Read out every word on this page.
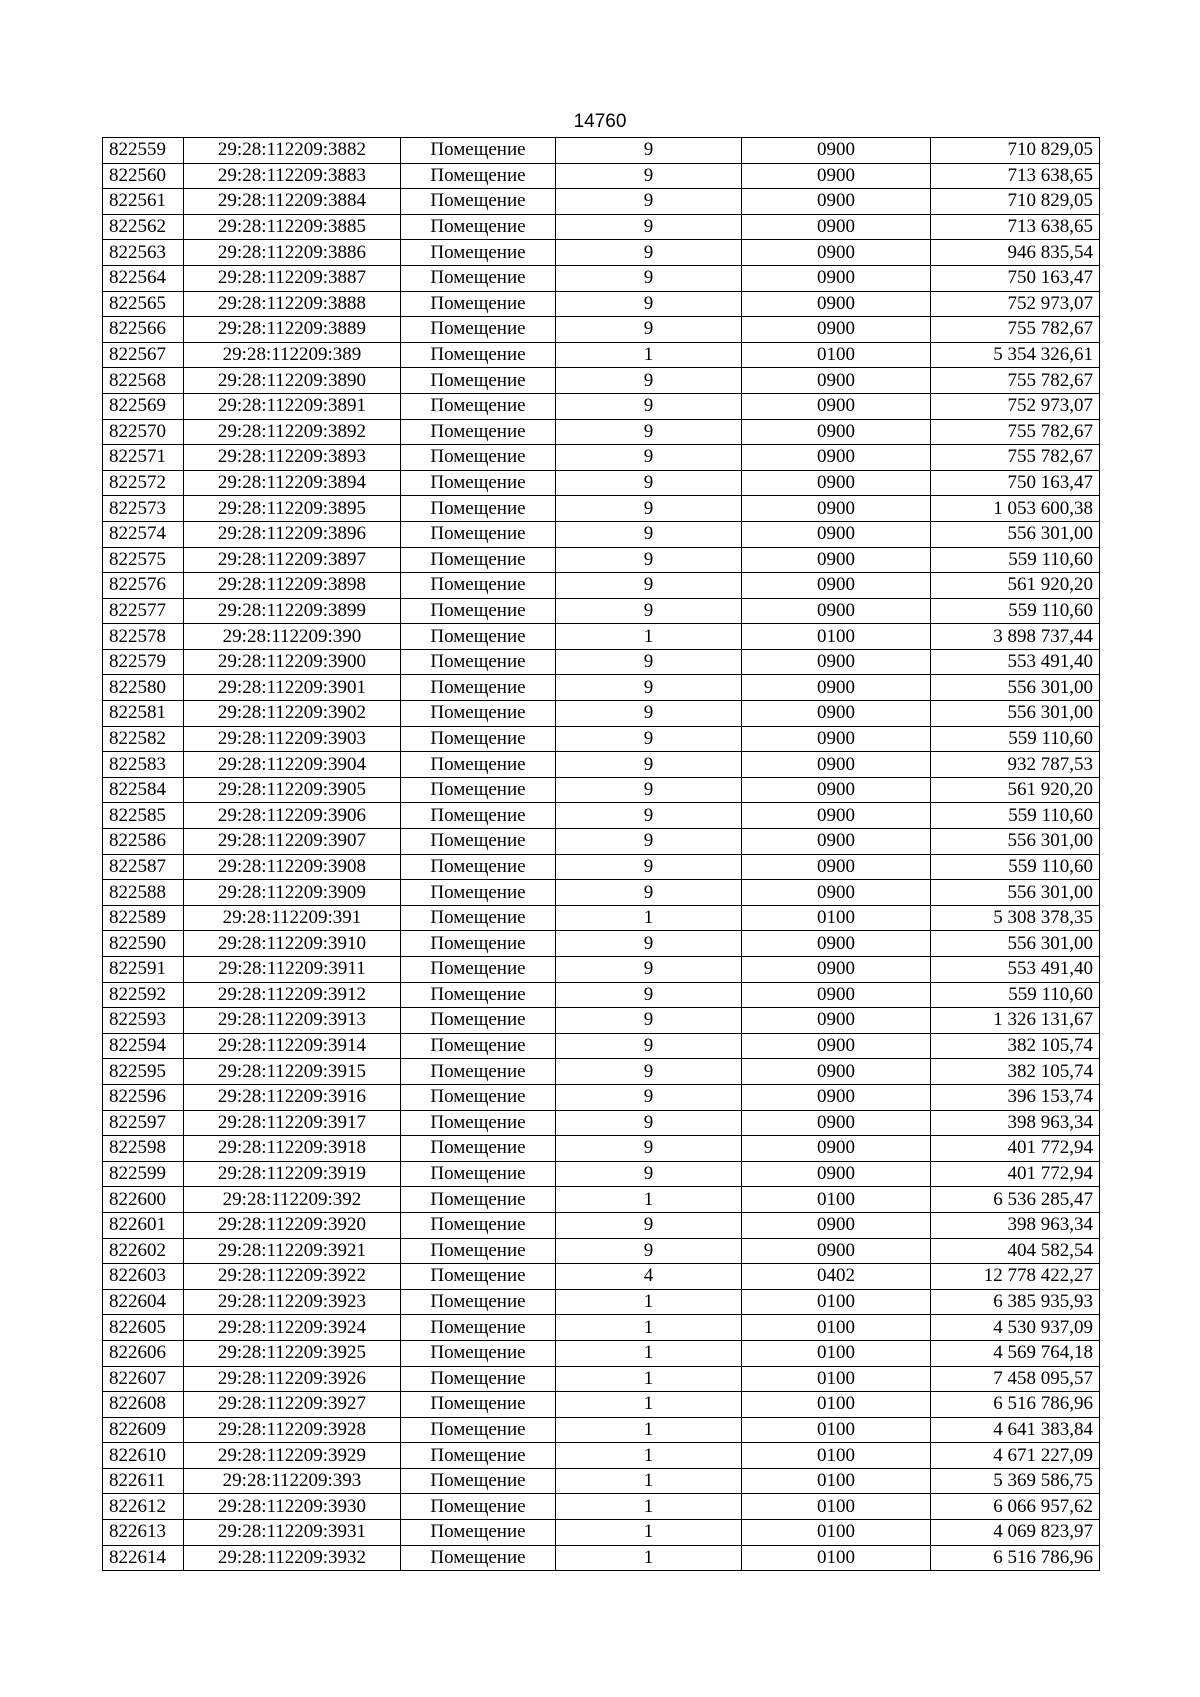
14760
822559	29:28:112209:3882	Помещение	9	0900	710 829,05
822560	29:28:112209:3883	Помещение	9	0900	713 638,65
822561	29:28:112209:3884	Помещение	9	0900	710 829,05
822562	29:28:112209:3885	Помещение	9	0900	713 638,65
822563	29:28:112209:3886	Помещение	9	0900	946 835,54
822564	29:28:112209:3887	Помещение	9	0900	750 163,47
822565	29:28:112209:3888	Помещение	9	0900	752 973,07
822566	29:28:112209:3889	Помещение	9	0900	755 782,67
822567	29:28:112209:389	Помещение	1	0100	5 354 326,61
822568	29:28:112209:3890	Помещение	9	0900	755 782,67
822569	29:28:112209:3891	Помещение	9	0900	752 973,07
822570	29:28:112209:3892	Помещение	9	0900	755 782,67
822571	29:28:112209:3893	Помещение	9	0900	755 782,67
822572	29:28:112209:3894	Помещение	9	0900	750 163,47
822573	29:28:112209:3895	Помещение	9	0900	1 053 600,38
822574	29:28:112209:3896	Помещение	9	0900	556 301,00
822575	29:28:112209:3897	Помещение	9	0900	559 110,60
822576	29:28:112209:3898	Помещение	9	0900	561 920,20
822577	29:28:112209:3899	Помещение	9	0900	559 110,60
822578	29:28:112209:390	Помещение	1	0100	3 898 737,44
822579	29:28:112209:3900	Помещение	9	0900	553 491,40
822580	29:28:112209:3901	Помещение	9	0900	556 301,00
822581	29:28:112209:3902	Помещение	9	0900	556 301,00
822582	29:28:112209:3903	Помещение	9	0900	559 110,60
822583	29:28:112209:3904	Помещение	9	0900	932 787,53
822584	29:28:112209:3905	Помещение	9	0900	561 920,20
822585	29:28:112209:3906	Помещение	9	0900	559 110,60
822586	29:28:112209:3907	Помещение	9	0900	556 301,00
822587	29:28:112209:3908	Помещение	9	0900	559 110,60
822588	29:28:112209:3909	Помещение	9	0900	556 301,00
822589	29:28:112209:391	Помещение	1	0100	5 308 378,35
822590	29:28:112209:3910	Помещение	9	0900	556 301,00
822591	29:28:112209:3911	Помещение	9	0900	553 491,40
822592	29:28:112209:3912	Помещение	9	0900	559 110,60
822593	29:28:112209:3913	Помещение	9	0900	1 326 131,67
822594	29:28:112209:3914	Помещение	9	0900	382 105,74
822595	29:28:112209:3915	Помещение	9	0900	382 105,74
822596	29:28:112209:3916	Помещение	9	0900	396 153,74
822597	29:28:112209:3917	Помещение	9	0900	398 963,34
822598	29:28:112209:3918	Помещение	9	0900	401 772,94
822599	29:28:112209:3919	Помещение	9	0900	401 772,94
822600	29:28:112209:392	Помещение	1	0100	6 536 285,47
822601	29:28:112209:3920	Помещение	9	0900	398 963,34
822602	29:28:112209:3921	Помещение	9	0900	404 582,54
822603	29:28:112209:3922	Помещение	4	0402	12 778 422,27
822604	29:28:112209:3923	Помещение	1	0100	6 385 935,93
822605	29:28:112209:3924	Помещение	1	0100	4 530 937,09
822606	29:28:112209:3925	Помещение	1	0100	4 569 764,18
822607	29:28:112209:3926	Помещение	1	0100	7 458 095,57
822608	29:28:112209:3927	Помещение	1	0100	6 516 786,96
822609	29:28:112209:3928	Помещение	1	0100	4 641 383,84
822610	29:28:112209:3929	Помещение	1	0100	4 671 227,09
822611	29:28:112209:393	Помещение	1	0100	5 369 586,75
822612	29:28:112209:3930	Помещение	1	0100	6 066 957,62
822613	29:28:112209:3931	Помещение	1	0100	4 069 823,97
822614	29:28:112209:3932	Помещение	1	0100	6 516 786,96
